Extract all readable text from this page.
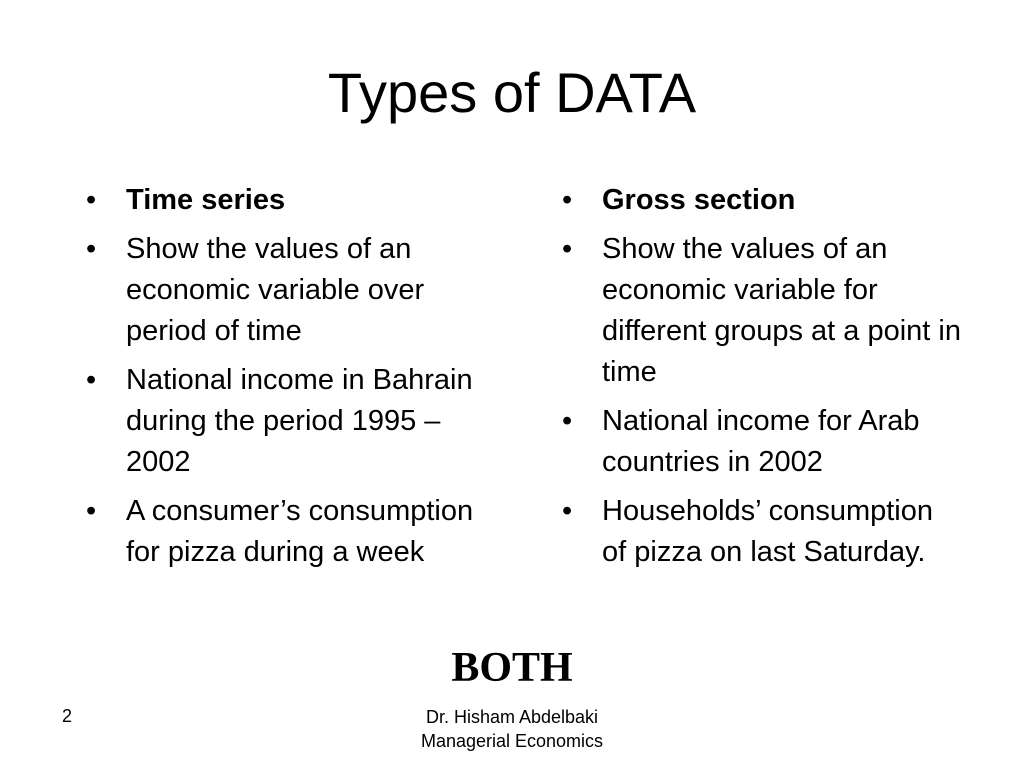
Types of DATA
•	Time series
•	Show the values of an economic variable over period of time
•	National income in Bahrain during the period 1995 – 2002
•	A consumer’s consumption for pizza during a week
•	Gross section
•	Show the values of an economic variable for different groups at a point in time
•	National income for Arab countries in 2002
•	Households’ consumption of pizza on last Saturday.
BOTH
2	Dr. Hisham Abdelbaki
Managerial Economics
